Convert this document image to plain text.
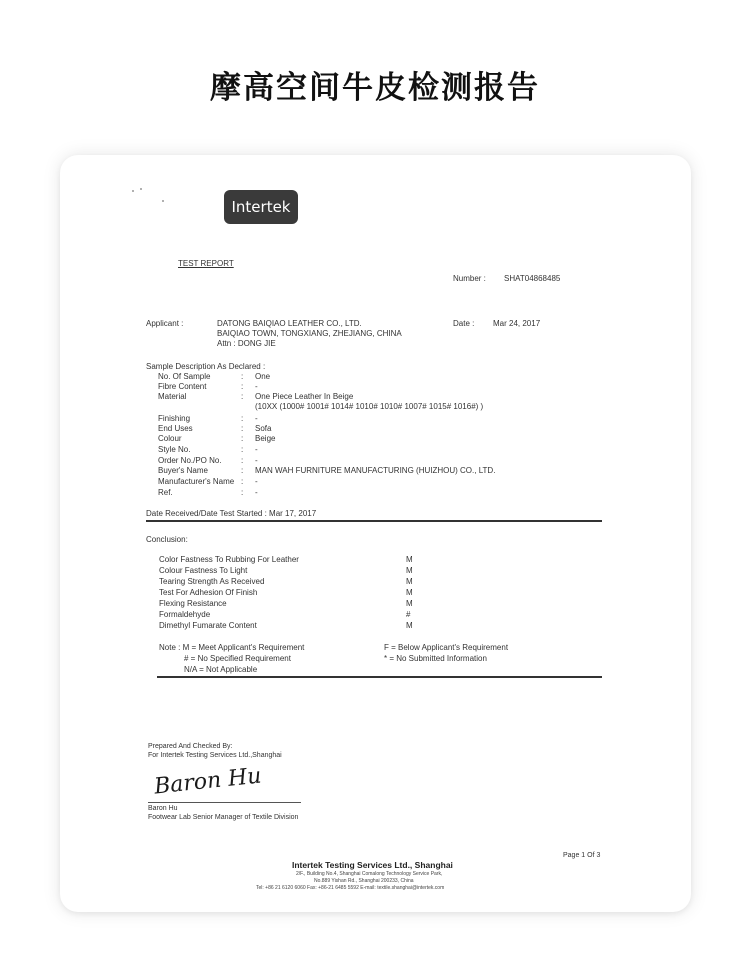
摩高空间牛皮检测报告
Intertek
TEST REPORT
Number : SHAT04868485
Applicant :	DATONG BAIQIAO LEATHER CO., LTD.
BAIQIAO TOWN, TONGXIANG, ZHEJIANG, CHINA
Attn : DONG JIE
Date : Mar 24, 2017
Sample Description As Declared :
No. Of Sample	: One
Fibre Content	: -
Material	: One Piece Leather In Beige
(10XX (1000# 1001# 1014# 1010# 1010# 1007# 1015# 1016#) )
Finishing	: -
End Uses	: Sofa
Colour	: Beige
Style No.	: -
Order No./PO No.	: -
Buyer's Name	: MAN WAH FURNITURE MANUFACTURING (HUIZHOU) CO., LTD.
Manufacturer's Name : -
Ref.	: -
Date Received/Date Test Started : Mar 17, 2017
Conclusion:
Color Fastness To Rubbing For Leather	M
Colour Fastness To Light	M
Tearing Strength As Received	M
Test For Adhesion Of Finish	M
Flexing Resistance	M
Formaldehyde	#
Dimethyl Fumarate Content	M
Note : M = Meet Applicant's Requirement
# = No Specified Requirement
N/A = Not Applicable
F = Below Applicant's Requirement
* = No Submitted Information
Prepared And Checked By:
For Intertek Testing Services Ltd.,Shanghai
Baron Hu
Baron Hu
Footwear Lab Senior Manager of Textile Division
Page 1 Of 3
Intertek Testing Services Ltd., Shanghai
2/F., Building No.4, Shanghai Comalong Technology Service Park,
No.889 Yishan Rd., Shanghai 200233, China
Tel: +86 21 6120 6060 Fax: +86-21 6485 5592 E-mail: textile.shanghai@intertek.com
